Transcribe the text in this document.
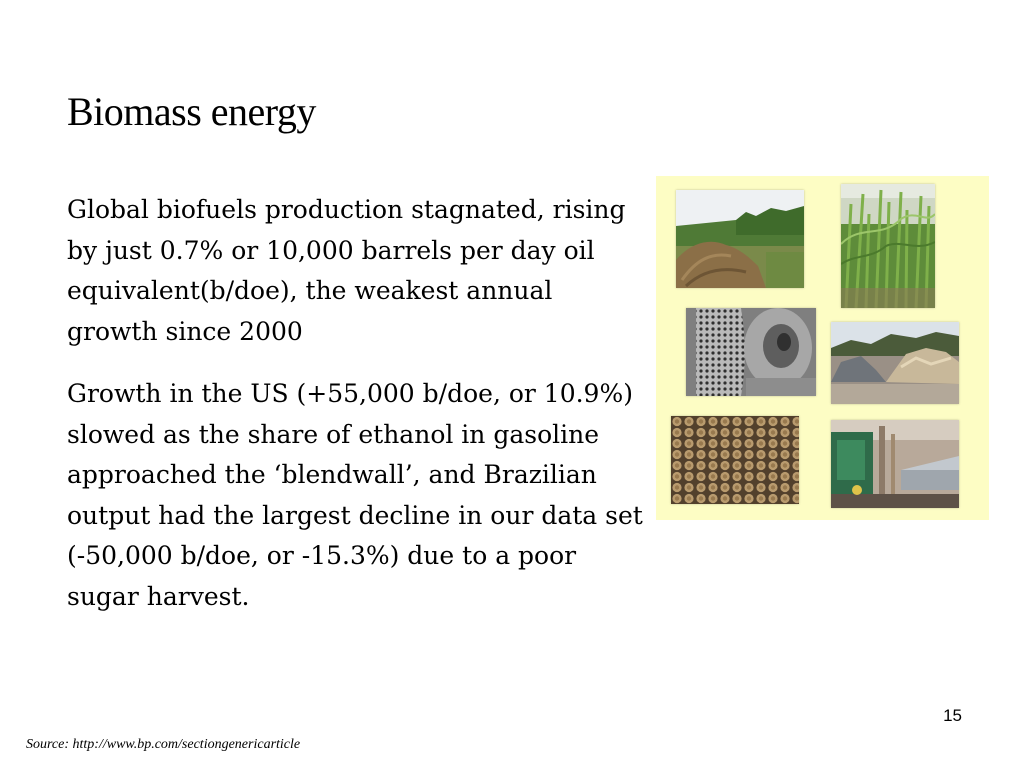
Biomass energy

Global biofuels production stagnated, rising by just 0.7% or 10,000 barrels per day oil equivalent(b/doe), the weakest annual growth since 2000

Growth in the US (+55,000 b/doe, or 10.9%) slowed as the share of ethanol in gasoline approached the ‘blendwall’, and Brazilian output had the largest decline in our data set (-50,000 b/doe, or -15.3%) due to a poor sugar harvest.

15
Source: http://www.bp.com/sectiongenericarticle
